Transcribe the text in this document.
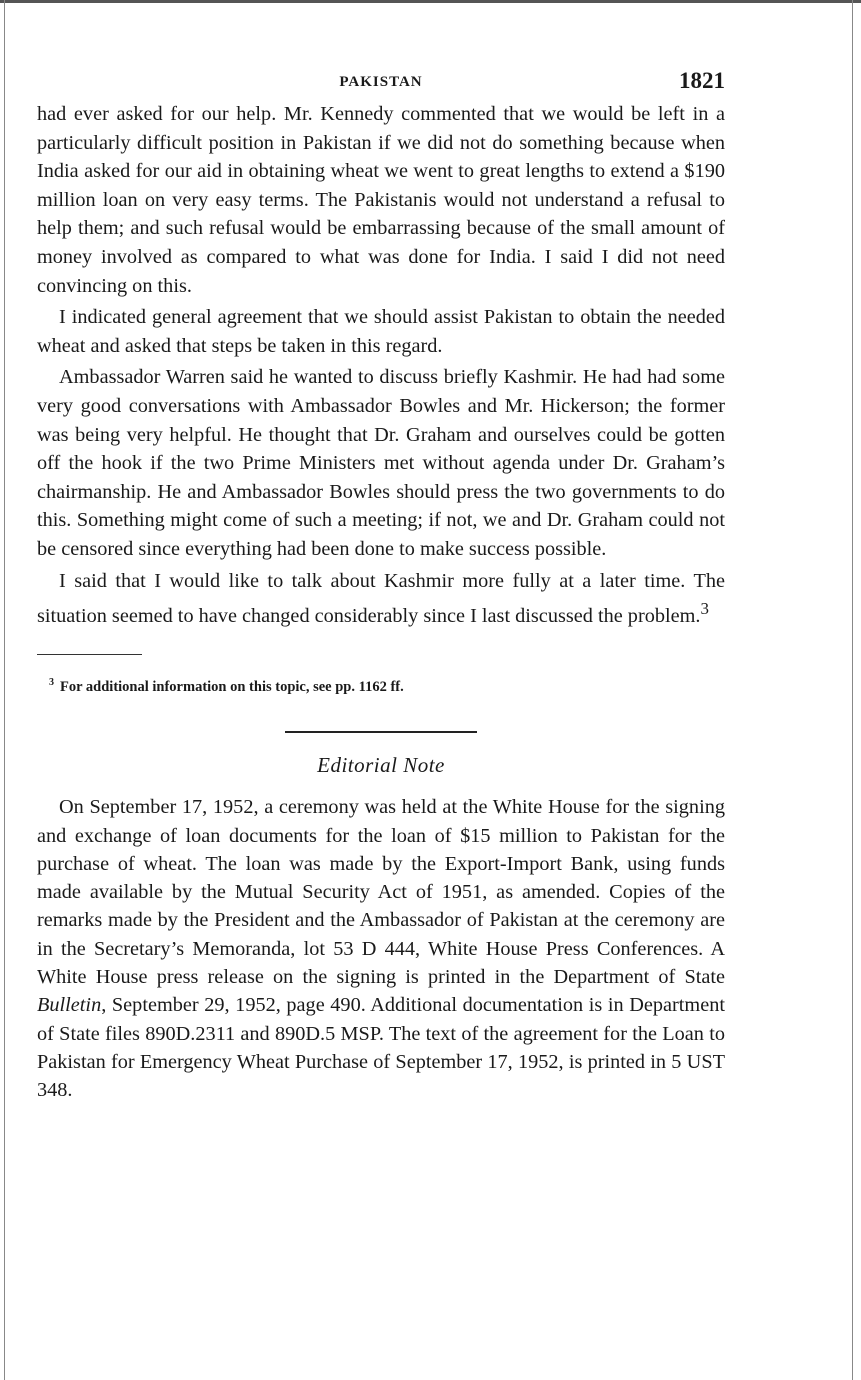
PAKISTAN	1821

had ever asked for our help. Mr. Kennedy commented that we would be left in a particularly difficult position in Pakistan if we did not do something because when India asked for our aid in obtaining wheat we went to great lengths to extend a $190 million loan on very easy terms. The Pakistanis would not understand a refusal to help them; and such refusal would be embarrassing because of the small amount of money involved as compared to what was done for India. I said I did not need convincing on this.

I indicated general agreement that we should assist Pakistan to obtain the needed wheat and asked that steps be taken in this regard.

Ambassador Warren said he wanted to discuss briefly Kashmir. He had had some very good conversations with Ambassador Bowles and Mr. Hickerson; the former was being very helpful. He thought that Dr. Graham and ourselves could be gotten off the hook if the two Prime Ministers met without agenda under Dr. Graham’s chairmanship. He and Ambassador Bowles should press the two governments to do this. Something might come of such a meeting; if not, we and Dr. Graham could not be censored since everything had been done to make success possible.

I said that I would like to talk about Kashmir more fully at a later time. The situation seemed to have changed considerably since I last discussed the problem.$^3$

$^3$ For additional information on this topic, see pp. 1162 ff.
Editorial Note

On September 17, 1952, a ceremony was held at the White House for the signing and exchange of loan documents for the loan of $15 million to Pakistan for the purchase of wheat. The loan was made by the Export-Import Bank, using funds made available by the Mutual Security Act of 1951, as amended. Copies of the remarks made by the President and the Ambassador of Pakistan at the ceremony are in the Secretary’s Memoranda, lot 53 D 444, White House Press Conferences. A White House press release on the signing is printed in the Department of State Bulletin, September 29, 1952, page 490. Additional documentation is in Department of State files 890D.2311 and 890D.5 MSP. The text of the agreement for the Loan to Pakistan for Emergency Wheat Purchase of September 17, 1952, is printed in 5 UST 348.
